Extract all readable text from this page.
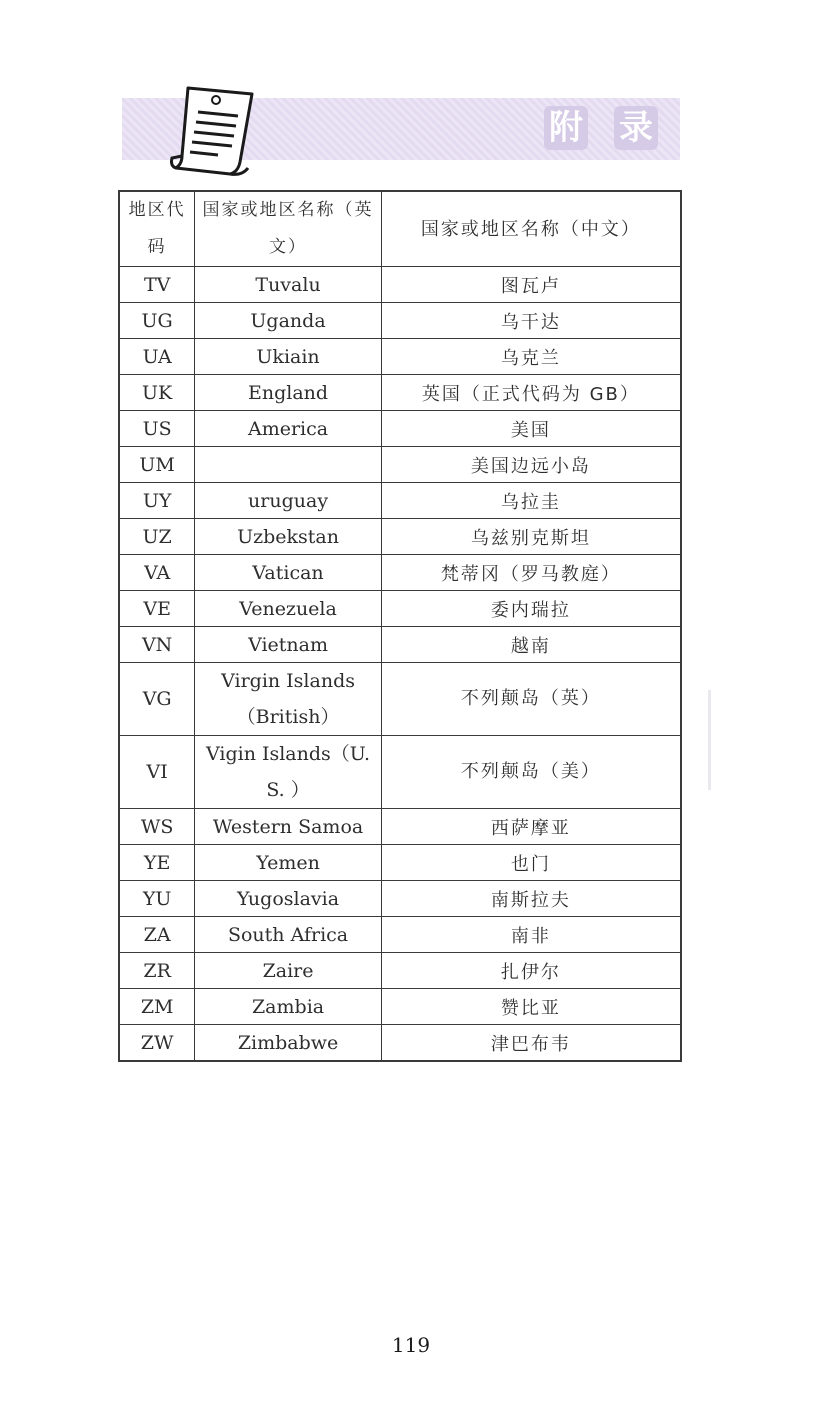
附 录
地区代码	国家或地区名称（英文）	国家或地区名称（中文）
TV	Tuvalu	图瓦卢
UG	Uganda	乌干达
UA	Ukiain	乌克兰
UK	England	英国（正式代码为 GB）
US	America	美国
UM		美国边远小岛
UY	uruguay	乌拉圭
UZ	Uzbekstan	乌兹别克斯坦
VA	Vatican	梵蒂冈（罗马教庭）
VE	Venezuela	委内瑞拉
VN	Vietnam	越南
VG	Virgin Islands（British）	不列颠岛（英）
VI	Vigin Islands（U. S. ）	不列颠岛（美）
WS	Western Samoa	西萨摩亚
YE	Yemen	也门
YU	Yugoslavia	南斯拉夫
ZA	South Africa	南非
ZR	Zaire	扎伊尔
ZM	Zambia	赞比亚
ZW	Zimbabwe	津巴布韦
119
